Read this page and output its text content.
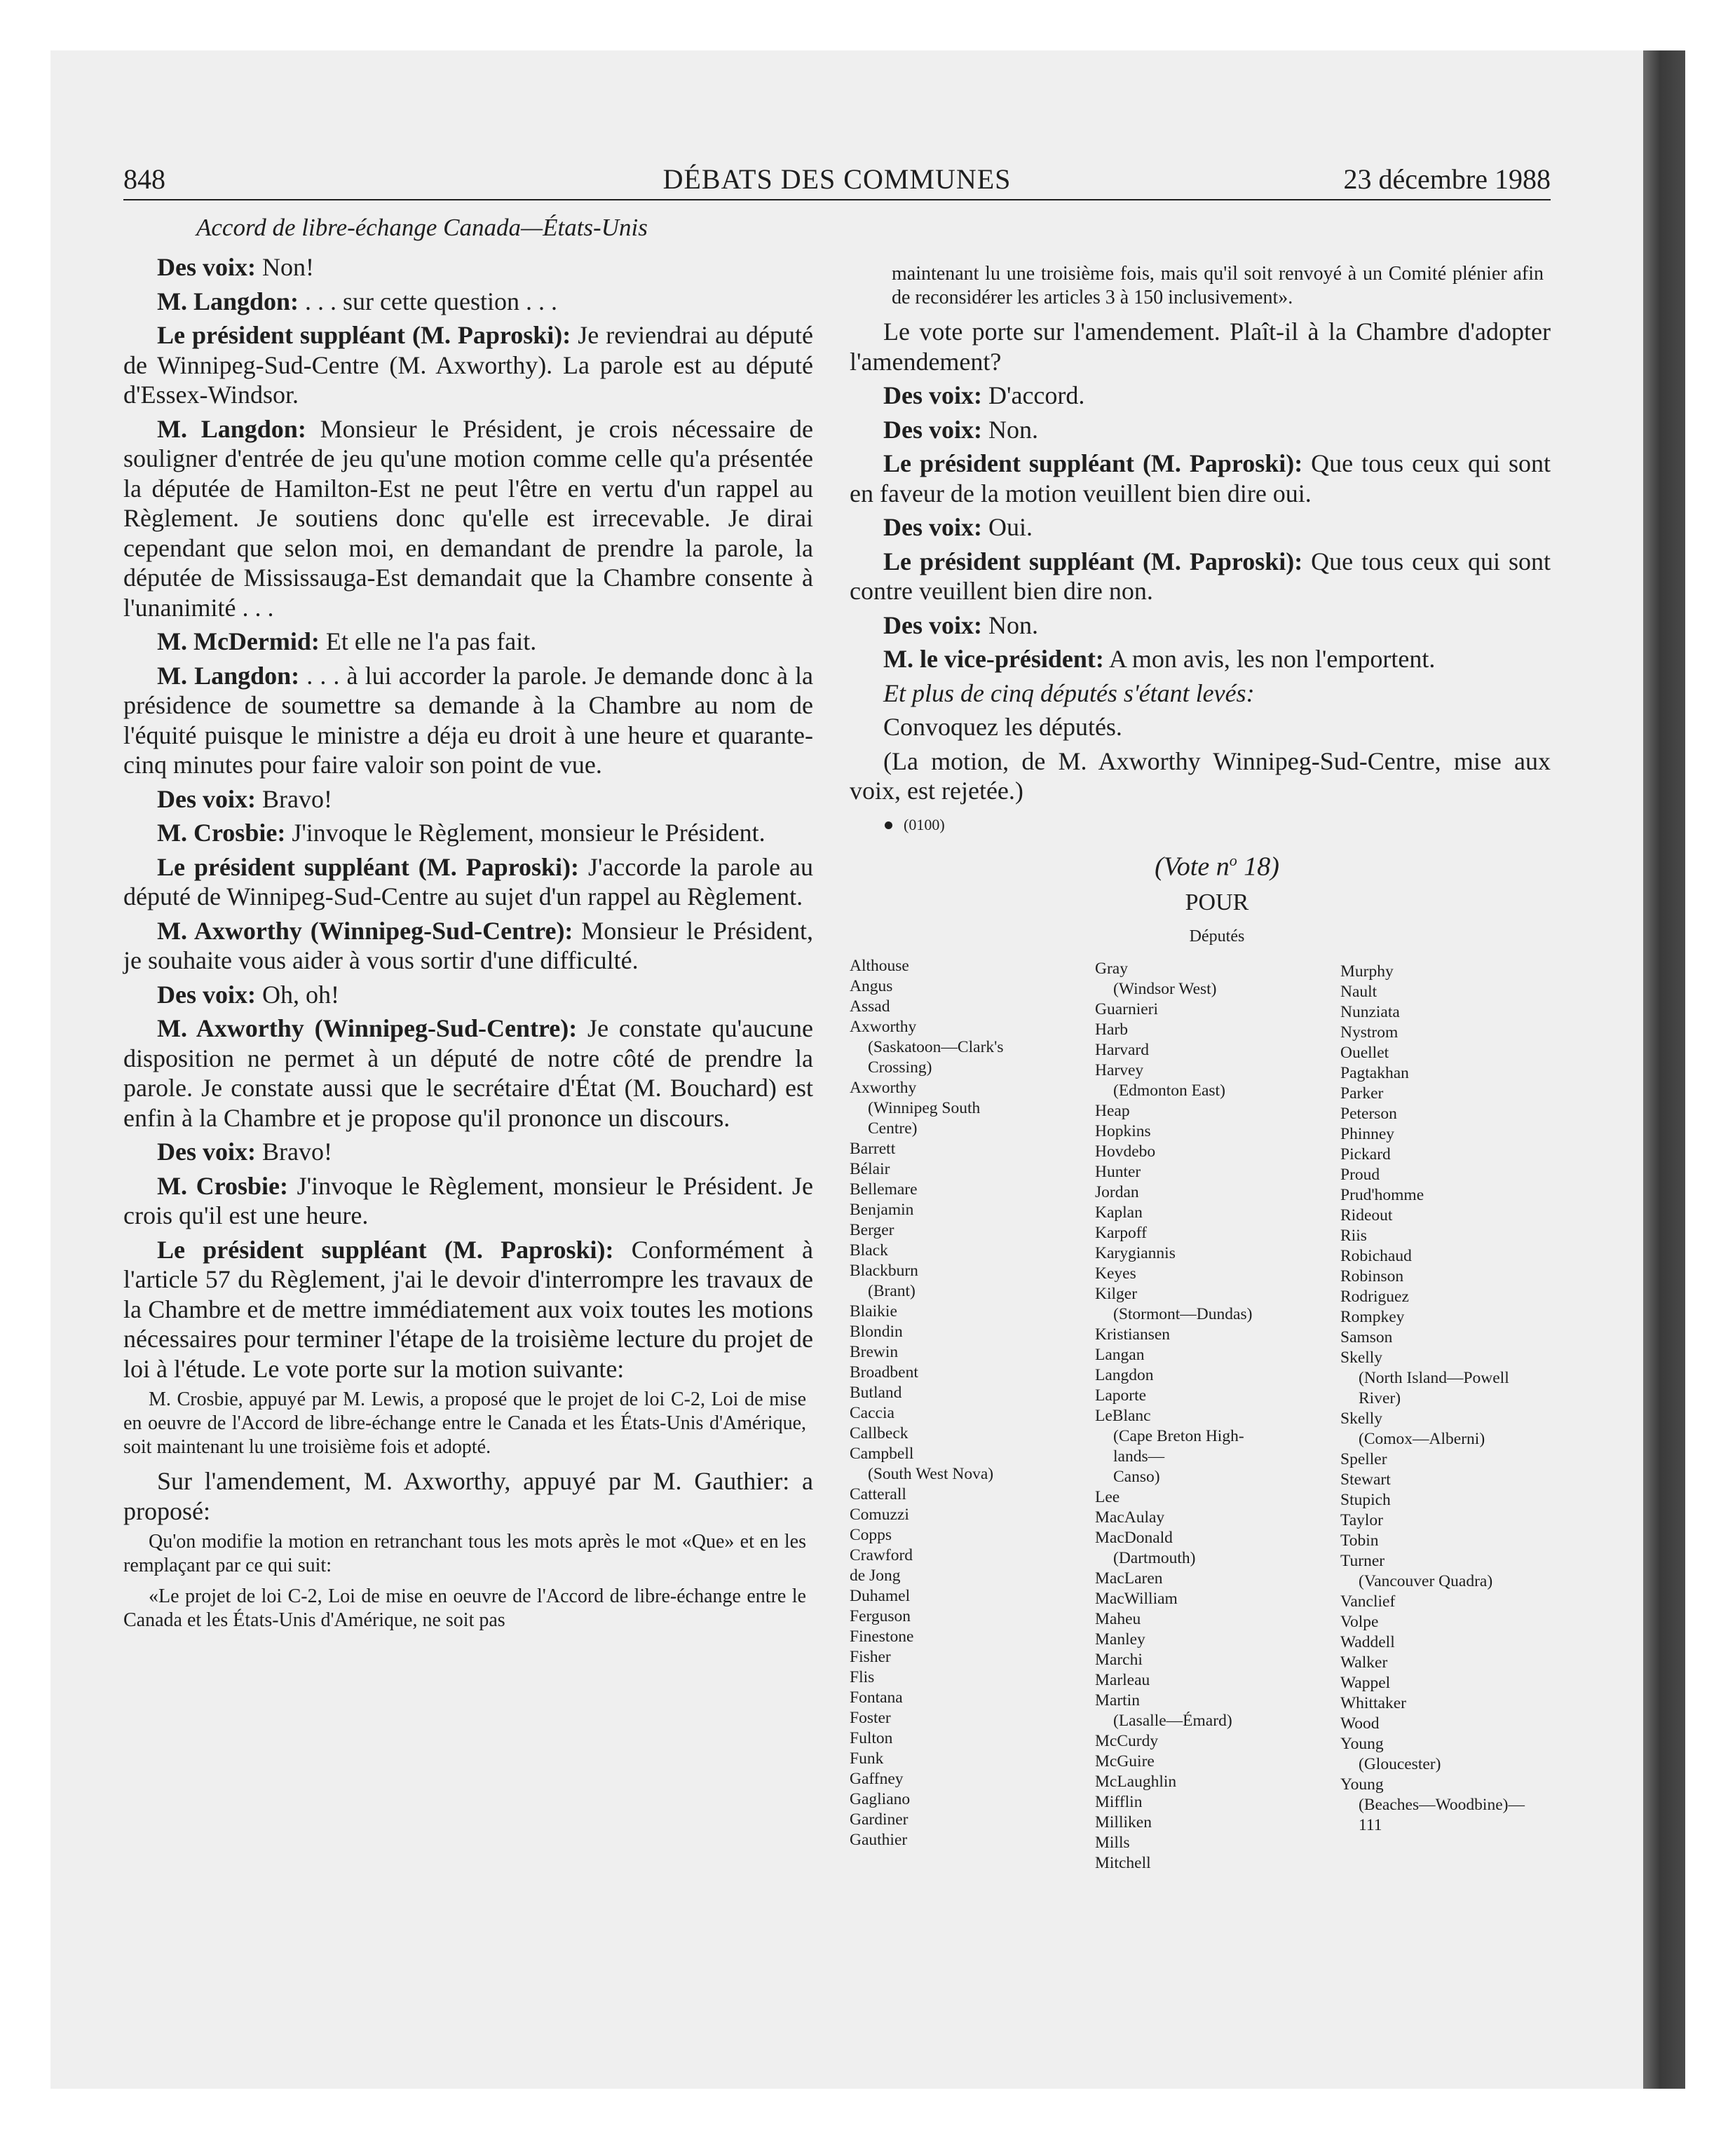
848	DÉBATS DES COMMUNES	23 décembre 1988
Accord de libre-échange Canada—États-Unis

Des voix: Non!

M. Langdon: . . . sur cette question . . .

Le président suppléant (M. Paproski): Je reviendrai au député de Winnipeg-Sud-Centre (M. Axworthy). La parole est au député d'Essex-Windsor.

M. Langdon: Monsieur le Président, je crois nécessaire de souligner d'entrée de jeu qu'une motion comme celle qu'a présentée la députée de Hamilton-Est ne peut l'être en vertu d'un rappel au Règlement. Je soutiens donc qu'elle est irrecevable. Je dirai cependant que selon moi, en demandant de prendre la parole, la députée de Mississauga-Est demandait que la Chambre consente à l'unanimité . . .

M. McDermid: Et elle ne l'a pas fait.

M. Langdon: . . . à lui accorder la parole. Je demande donc à la présidence de soumettre sa demande à la Chambre au nom de l'équité puisque le ministre a déja eu droit à une heure et quarante-cinq minutes pour faire valoir son point de vue.

Des voix: Bravo!

M. Crosbie: J'invoque le Règlement, monsieur le Président.

Le président suppléant (M. Paproski): J'accorde la parole au député de Winnipeg-Sud-Centre au sujet d'un rappel au Règlement.

M. Axworthy (Winnipeg-Sud-Centre): Monsieur le Président, je souhaite vous aider à vous sortir d'une difficulté.

Des voix: Oh, oh!

M. Axworthy (Winnipeg-Sud-Centre): Je constate qu'aucune disposition ne permet à un député de notre côté de prendre la parole. Je constate aussi que le secrétaire d'État (M. Bouchard) est enfin à la Chambre et je propose qu'il prononce un discours.

Des voix: Bravo!

M. Crosbie: J'invoque le Règlement, monsieur le Président. Je crois qu'il est une heure.

Le président suppléant (M. Paproski): Conformément à l'article 57 du Règlement, j'ai le devoir d'interrompre les travaux de la Chambre et de mettre immédiatement aux voix toutes les motions nécessaires pour terminer l'étape de la troisième lecture du projet de loi à l'étude. Le vote porte sur la motion suivante:

M. Crosbie, appuyé par M. Lewis, a proposé que le projet de loi C-2, Loi de mise en oeuvre de l'Accord de libre-échange entre le Canada et les États-Unis d'Amérique, soit maintenant lu une troisième fois et adopté.

Sur l'amendement, M. Axworthy, appuyé par M. Gauthier: a proposé:

Qu'on modifie la motion en retranchant tous les mots après le mot «Que» et en les remplaçant par ce qui suit:

«Le projet de loi C-2, Loi de mise en oeuvre de l'Accord de libre-échange entre le Canada et les États-Unis d'Amérique, ne soit pas

maintenant lu une troisième fois, mais qu'il soit renvoyé à un Comité plénier afin de reconsidérer les articles 3 à 150 inclusivement».

Le vote porte sur l'amendement. Plaît-il à la Chambre d'adopter l'amendement?

Des voix: D'accord.

Des voix: Non.

Le président suppléant (M. Paproski): Que tous ceux qui sont en faveur de la motion veuillent bien dire oui.

Des voix: Oui.

Le président suppléant (M. Paproski): Que tous ceux qui sont contre veuillent bien dire non.

Des voix: Non.

M. le vice-président: A mon avis, les non l'emportent.

Et plus de cinq députés s'étant levés:

Convoquez les députés.

(La motion, de M. Axworthy Winnipeg-Sud-Centre, mise aux voix, est rejetée.)

(0100)

(Vote $n^o$ 18)

POUR

Députés

Althouse
Angus
Assad
Axworthy
(Saskatoon—Clark's
Crossing)
Axworthy
(Winnipeg South
Centre)
Barrett
Bélair
Bellemare
Benjamin
Berger
Black
Blackburn
(Brant)
Blaikie
Blondin
Brewin
Broadbent
Butland
Caccia
Callbeck
Campbell
(South West Nova)
Catterall
Comuzzi
Copps
Crawford
de Jong
Duhamel
Ferguson
Finestone
Fisher
Flis
Fontana
Foster
Fulton
Funk
Gaffney
Gagliano
Gardiner
Gauthier
Gray
(Windsor West)
Guarnieri
Harb
Harvard
Harvey
(Edmonton East)
Heap
Hopkins
Hovdebo
Hunter
Jordan
Kaplan
Karpoff
Karygiannis
Keyes
Kilger
(Stormont—Dundas)
Kristiansen
Langan
Langdon
Laporte
LeBlanc
(Cape Breton High-
lands—
Canso)
Lee
MacAulay
MacDonald
(Dartmouth)
MacLaren
MacWilliam
Maheu
Manley
Marchi
Marleau
Martin
(Lasalle—Émard)
McCurdy
McGuire
McLaughlin
Mifflin
Milliken
Mills
Mitchell
Murphy
Nault
Nunziata
Nystrom
Ouellet
Pagtakhan
Parker
Peterson
Phinney
Pickard
Proud
Prud'homme
Rideout
Riis
Robichaud
Robinson
Rodriguez
Rompkey
Samson
Skelly
(North Island—Powell
River)
Skelly
(Comox—Alberni)
Speller
Stewart
Stupich
Taylor
Tobin
Turner
(Vancouver Quadra)
Vanclief
Volpe
Waddell
Walker
Wappel
Whittaker
Wood
Young
(Gloucester)
Young
(Beaches—Woodbine)—
111
